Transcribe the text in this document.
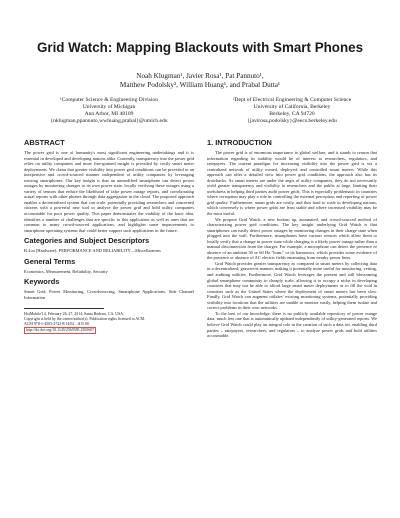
Grid Watch: Mapping Blackouts with Smart Phones
Noah Klugman¹, Javier Rosa¹, Pat Pannuto¹,
Matthew Podolsky², William Huang¹, and Prabal Dutta¹
¹Computer Science & Engineering Division
University of Michigan
Ann Arbor, MI 48109
{nklugman,ppannuto,wwhuang,prabal}@umich.edu
²Dept of Electrical Engineering & Computer Science
University of California, Berkeley
Berkeley, CA 94720
{javirosa,podolsky}@eecs.berkeley.edu
ABSTRACT

The power grid is one of humanity's most significant engineering undertakings and it is essential in developed and developing nations alike. Currently, transparency into the power grid relies on utility companies and more fine-grained insight is provided by costly smart meter deployments. We claim that greater visibility into power grid conditions can be provided in an inexpensive and crowd-sourced manner independent of utility companies by leveraging existing smartphones. Our key insight is that an unmodified smartphone can detect power outages by monitoring changes to its own power state, locally verifying these outages using a variety of sensors that reduce the likelihood of false power outage reports, and corroborating actual reports with other phones through data aggregation in the cloud. The proposed approach enables a decentralized system that can scale, potentially providing researchers and concerned citizens with a powerful new tool to analyze the power grid and hold utility companies accountable for poor power quality. This paper demonstrates the viability of the basic idea, identifies a number of challenges that are specific to this application as well as ones that are common to many crowd-sourced applications, and highlights some improvements to smartphone operating systems that could better support such applications in the future.

Categories and Subject Descriptors

B.4.m [Hardware]: PERFORMANCE AND RELIABILITY—Miscellaneous

General Terms

Economics, Measurement, Reliability, Security

Keywords

Smart Grid, Power Monitoring, Crowdsourcing, Smartphone Applications, Side Channel Information

HotMobile'14, February 26–27, 2014, Santa Barbara, CA, USA.

Copyright is held by the owner/author(s). Publication rights licensed to ACM.

ACM 978-1-4503-2742-8/14/02 ...$15.00.

http://dx.doi.org/10.1145/2565585.2565607

1. INTRODUCTION

The power grid is of enormous importance to global welfare, and it stands to reason that information regarding its stability would be of interest to researchers, regulators, and ratepayers. The current paradigm for increasing visibility into the power grid is via a centralized network of utility owned, deployed, and controlled smart meters. While this approach can offer a detailed view into power grid conditions, the approach also has its drawbacks. As smart meters are under the aegis of utility companies, they do not necessarily yield greater transparency and visibility to researchers and the public at large, limiting their usefulness in helping third parties audit power grids. This is especially problematic in countries where corruption may play a role in controlling the external perception and reporting of power grid quality. Furthermore, smart grids are costly, and thus hard to scale in developing nations, which conversely is where power grids are least stable and where increased visibility may be the most useful.

We propose Grid Watch, a new bottom up, automated, and crowd-sourced method of characterizing power grid conditions. The key insight underlying Grid Watch is that smartphones can easily detect power outages by monitoring changes in their charge state when plugged into the wall. Furthermore, smartphones have various sensors which allow them to locally verify that a change in power state while charging is a likely power outage rather than a manual disconnection from the charger. For example, a microphone can detect the presence or absence of an ambient 50 or 60 Hz "hum," or its harmonics, which provides some evidence of the presence or absence of AC electric fields emanating from nearby power lines.

Grid Watch provides greater transparency as compared to smart meters by collecting data in a decentralized, grassroots manner, making it potentially more useful for monitoring, vetting, and auditing utilities. Furthermore, Grid Watch leverages the present and still blossoming global smartphone community to cheaply scale, allowing it to occupy a niche in developing countries that may not be able to afford large smart meter deployments or to fill the void in countries such as the United States where the deployment of smart meters has been slow. Finally, Grid Watch can augment utilities' existing monitoring systems, potentially providing visibility into locations that the utilities are unable to monitor easily, helping them isolate and correct problems in their own networks.

To the best of our knowledge, there is no publicly available repository of power outage data, much less one that is automatically updated independently of utility-generated reports. We believe Grid Watch could play an integral role in the creation of such a data set, enabling third parties – ratepayers, researchers, and regulators – to analyze power grids and hold utilities accountable.
